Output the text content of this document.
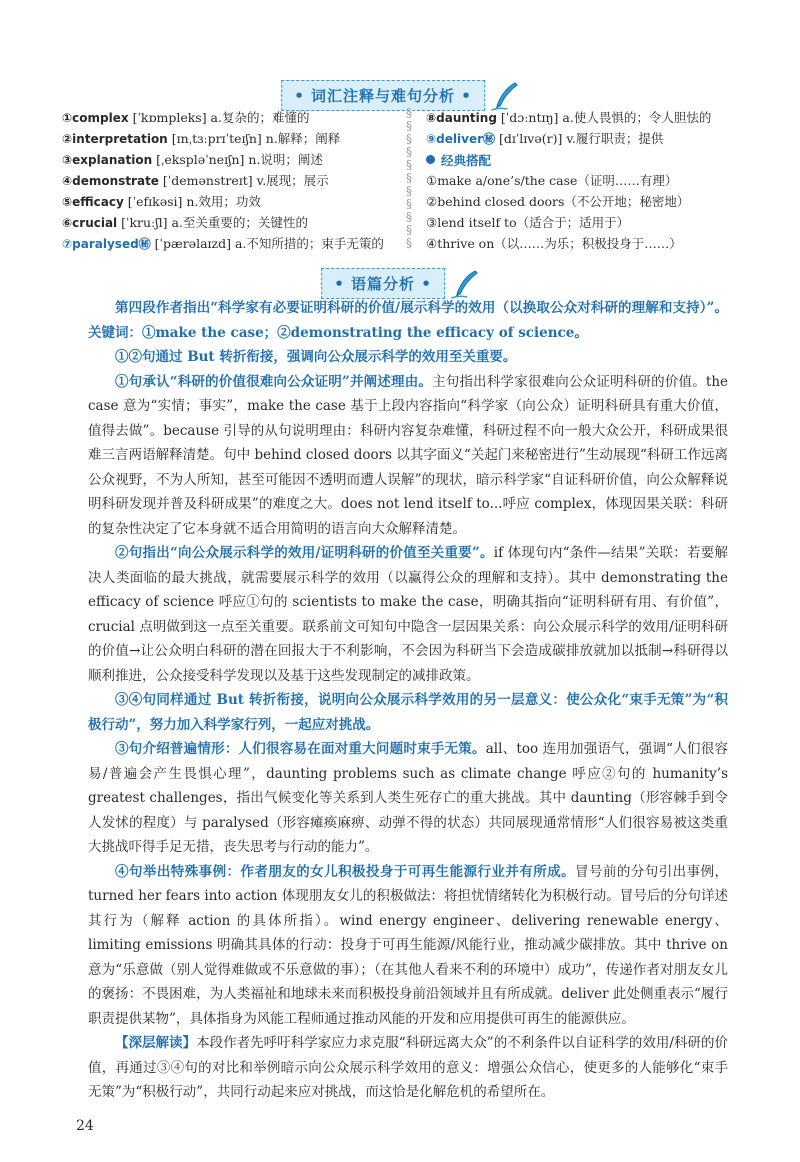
• 词汇注释与难句分析 •
①complex [ˈkɒmpleks] a.复杂的；难懂的
②interpretation [ɪnˌtɜːprɪˈteɪʃn] n.解释；阐释
③explanation [ˌekspləˈneɪʃn] n.说明；阐述
④demonstrate [ˈdemənstreɪt] v.展现；展示
⑤efficacy [ˈefɪkəsi] n.效用；功效
⑥crucial [ˈkruːʃl] a.至关重要的；关键性的
⑦paralysed㊙ [ˈpærəlaɪzd] a.不知所措的；束手无策的
§
§
§
§
§
§
§
§
§
§
§
⑧daunting [ˈdɔːntɪŋ] a.使人畏惧的；令人胆怯的
⑨deliver㊙ [dɪˈlɪvə(r)] v.履行职责；提供
经典搭配
①make a/one’s/the case（证明……有理）
②behind closed doors（不公开地；秘密地）
③lend itself to（适合于；适用于）
④thrive on（以……为乐；积极投身于……）
• 语篇分析 •

第四段作者指出“科学家有必要证明科研的价值/展示科学的效用（以换取公众对科研的理解和支持）”。关键词：①make the case；②demonstrating the efficacy of science。

①②句通过 But 转折衔接，强调向公众展示科学的效用至关重要。

①句承认“科研的价值很难向公众证明”并阐述理由。主句指出科学家很难向公众证明科研的价值。the case 意为“实情；事实”，make the case 基于上段内容指向“科学家（向公众）证明科研具有重大价值，值得去做”。because 引导的从句说明理由：科研内容复杂难懂，科研过程不向一般大众公开，科研成果很难三言两语解释清楚。句中 behind closed doors 以其字面义“关起门来秘密进行”生动展现“科研工作远离公众视野，不为人所知，甚至可能因不透明而遭人误解”的现状，暗示科学家“自证科研价值，向公众解释说明科研发现并普及科研成果”的难度之大。does not lend itself to...呼应 complex，体现因果关联：科研的复杂性决定了它本身就不适合用简明的语言向大众解释清楚。

②句指出“向公众展示科学的效用/证明科研的价值至关重要”。if 体现句内“条件—结果”关联：若要解决人类面临的最大挑战，就需要展示科学的效用（以赢得公众的理解和支持）。其中 demonstrating the efficacy of science 呼应①句的 scientists to make the case，明确其指向“证明科研有用、有价值”，crucial 点明做到这一点至关重要。联系前文可知句中隐含一层因果关系：向公众展示科学的效用/证明科研的价值→让公众明白科研的潜在回报大于不利影响，不会因为科研当下会造成碳排放就加以抵制→科研得以顺利推进，公众接受科学发现以及基于这些发现制定的减排政策。

③④句同样通过 But 转折衔接，说明向公众展示科学效用的另一层意义：使公众化“束手无策”为“积极行动”，努力加入科学家行列，一起应对挑战。

③句介绍普遍情形：人们很容易在面对重大问题时束手无策。all、too 连用加强语气，强调“人们很容易/普遍会产生畏惧心理”，daunting problems such as climate change 呼应②句的 humanity’s greatest challenges，指出气候变化等关系到人类生死存亡的重大挑战。其中 daunting（形容棘手到令人发怵的程度）与 paralysed（形容瘫痪麻痹、动弹不得的状态）共同展现通常情形“人们很容易被这类重大挑战吓得手足无措，丧失思考与行动的能力”。

④句举出特殊事例：作者朋友的女儿积极投身于可再生能源行业并有所成。冒号前的分句引出事例，turned her fears into action 体现朋友女儿的积极做法：将担忧情绪转化为积极行动。冒号后的分句详述其行为（解释 action 的具体所指）。wind energy engineer、delivering renewable energy、limiting emissions 明确其具体的行动：投身于可再生能源/风能行业，推动减少碳排放。其中 thrive on 意为“乐意做（别人觉得难做或不乐意做的事）；（在其他人看来不利的环境中）成功”，传递作者对朋友女儿的褒扬：不畏困难，为人类福祉和地球未来而积极投身前沿领域并且有所成就。deliver 此处侧重表示“履行职责提供某物”，具体指身为风能工程师通过推动风能的开发和应用提供可再生的能源供应。

【深层解读】本段作者先呼吁科学家应力求克服“科研远离大众”的不利条件以自证科学的效用/科研的价值，再通过③④句的对比和举例暗示向公众展示科学效用的意义：增强公众信心，使更多的人能够化“束手无策”为“积极行动”，共同行动起来应对挑战，而这恰是化解危机的希望所在。

24
